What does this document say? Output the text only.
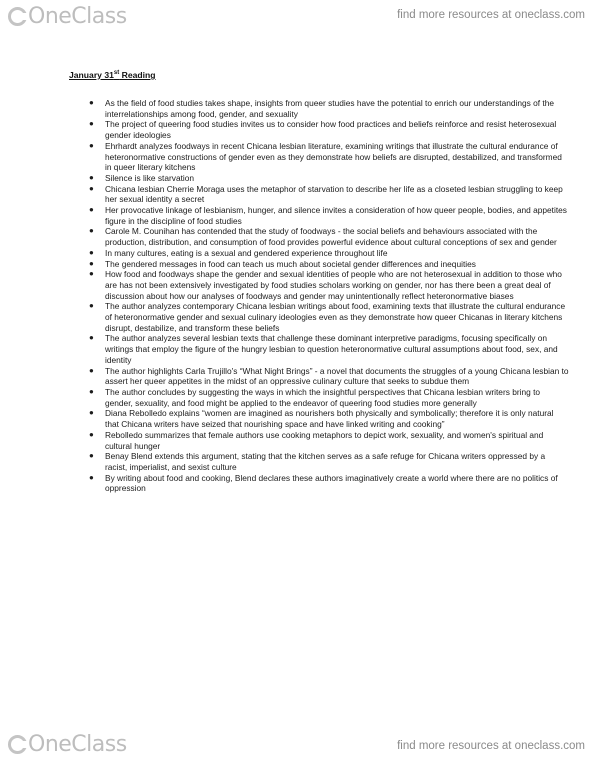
OneClass	find more resources at oneclass.com
January 31st Reading
● As the field of food studies takes shape, insights from queer studies have the potential to enrich our understandings of the interrelationships among food, gender, and sexuality
● The project of queering food studies invites us to consider how food practices and beliefs reinforce and resist heterosexual gender ideologies
● Ehrhardt analyzes foodways in recent Chicana lesbian literature, examining writings that illustrate the cultural endurance of heteronormative constructions of gender even as they demonstrate how beliefs are disrupted, destabilized, and transformed in queer literary kitchens
● Silence is like starvation
● Chicana lesbian Cherrie Moraga uses the metaphor of starvation to describe her life as a closeted lesbian struggling to keep her sexual identity a secret
● Her provocative linkage of lesbianism, hunger, and silence invites a consideration of how queer people, bodies, and appetites figure in the discipline of food studies
● Carole M. Counihan has contended that the study of foodways - the social beliefs and behaviours associated with the production, distribution, and consumption of food provides powerful evidence about cultural conceptions of sex and gender
● In many cultures, eating is a sexual and gendered experience throughout life
● The gendered messages in food can teach us much about societal gender differences and inequities
● How food and foodways shape the gender and sexual identities of people who are not heterosexual in addition to those who are has not been extensively investigated by food studies scholars working on gender, nor has there been a great deal of discussion about how our analyses of foodways and gender may unintentionally reflect heteronormative biases
● The author analyzes contemporary Chicana lesbian writings about food, examining texts that illustrate the cultural endurance of heteronormative gender and sexual culinary ideologies even as they demonstrate how queer Chicanas in literary kitchens disrupt, destabilize, and transform these beliefs
● The author analyzes several lesbian texts that challenge these dominant interpretive paradigms, focusing specifically on writings that employ the figure of the hungry lesbian to question heteronormative cultural assumptions about food, sex, and identity
● The author highlights Carla Trujillo's “What Night Brings” - a novel that documents the struggles of a young Chicana lesbian to assert her queer appetites in the midst of an oppressive culinary culture that seeks to subdue them
● The author concludes by suggesting the ways in which the insightful perspectives that Chicana lesbian writers bring to gender, sexuality, and food might be applied to the endeavor of queering food studies more generally
● Diana Rebolledo explains “women are imagined as nourishers both physically and symbolically; therefore it is only natural that Chicana writers have seized that nourishing space and have linked writing and cooking”
● Rebolledo summarizes that female authors use cooking metaphors to depict work, sexuality, and women's spiritual and cultural hunger
● Benay Blend extends this argument, stating that the kitchen serves as a safe refuge for Chicana writers oppressed by a racist, imperialist, and sexist culture
● By writing about food and cooking, Blend declares these authors imaginatively create a world where there are no politics of oppression
OneClass	find more resources at oneclass.com
